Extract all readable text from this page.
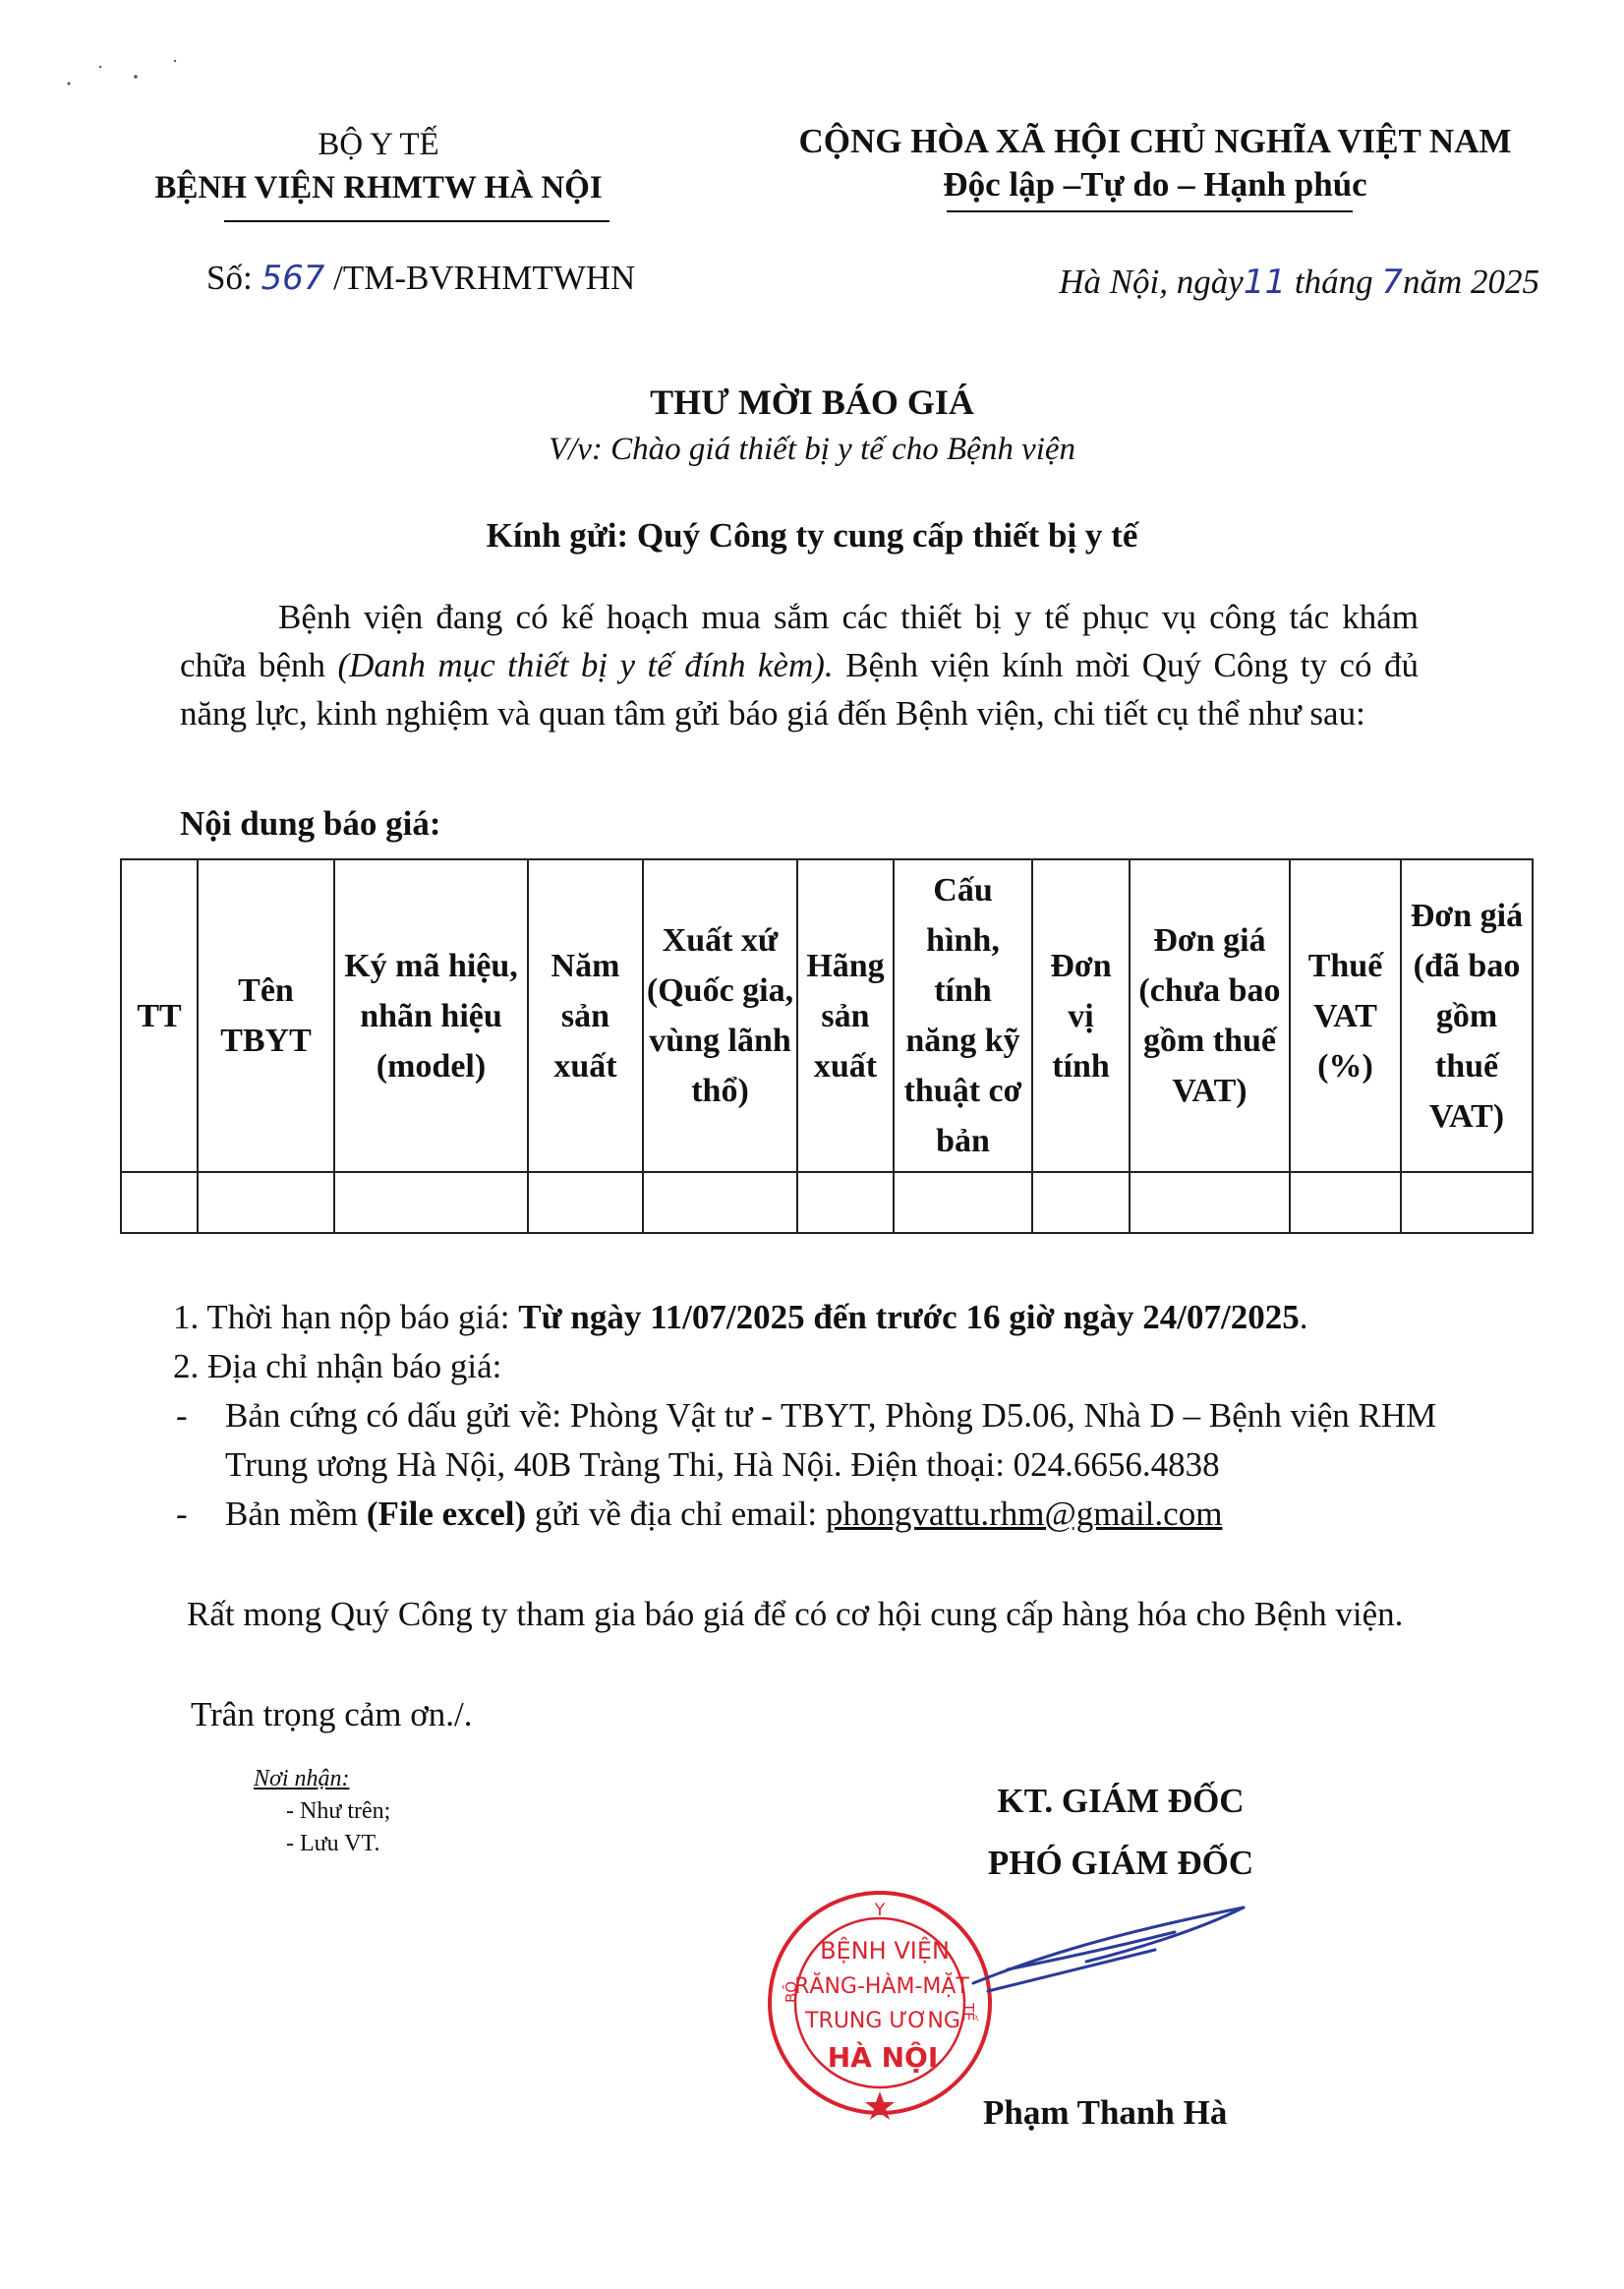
BỘ Y TẾ
BỆNH VIỆN RHMTW HÀ NỘI
CỘNG HÒA XÃ HỘI CHỦ NGHĨA VIỆT NAM
Độc lập –Tự do – Hạnh phúc
Số: 567 /TM-BVRHMTWHN	Hà Nội, ngày11 tháng 7năm 2025
THƯ MỜI BÁO GIÁ
V/v: Chào giá thiết bị y tế cho Bệnh viện
Kính gửi: Quý Công ty cung cấp thiết bị y tế

Bệnh viện đang có kế hoạch mua sắm các thiết bị y tế phục vụ công tác khám chữa bệnh (Danh mục thiết bị y tế đính kèm). Bệnh viện kính mời Quý Công ty có đủ năng lực, kinh nghiệm và quan tâm gửi báo giá đến Bệnh viện, chi tiết cụ thể như sau:

Nội dung báo giá:
TT	Tên TBYT	Ký mã hiệu, nhãn hiệu (model)	Năm sản xuất	Xuất xứ (Quốc gia, vùng lãnh thổ)	Hãng sản xuất	Cấu hình, tính năng kỹ thuật cơ bản	Đơn vị tính	Đơn giá (chưa bao gồm thuế VAT)	Thuế VAT (%)	Đơn giá (đã bao gồm thuế VAT)

1. Thời hạn nộp báo giá: Từ ngày 11/07/2025 đến trước 16 giờ ngày 24/07/2025.
2. Địa chỉ nhận báo giá:
- Bản cứng có dấu gửi về: Phòng Vật tư - TBYT, Phòng D5.06, Nhà D – Bệnh viện RHM Trung ương Hà Nội, 40B Tràng Thi, Hà Nội. Điện thoại: 024.6656.4838
- Bản mềm (File excel) gửi về địa chỉ email: phongvattu.rhm@gmail.com
Rất mong Quý Công ty tham gia báo giá để có cơ hội cung cấp hàng hóa cho Bệnh viện.
Trân trọng cảm ơn./.
Nơi nhận:
- Như trên;
- Lưu VT.
KT. GIÁM ĐỐC
PHÓ GIÁM ĐỐC
Y
BỘ
TẾ
BỆNH VIỆN
RĂNG-HÀM-MẶT
TRUNG ƯƠNG
HÀ NỘI
Phạm Thanh Hà
